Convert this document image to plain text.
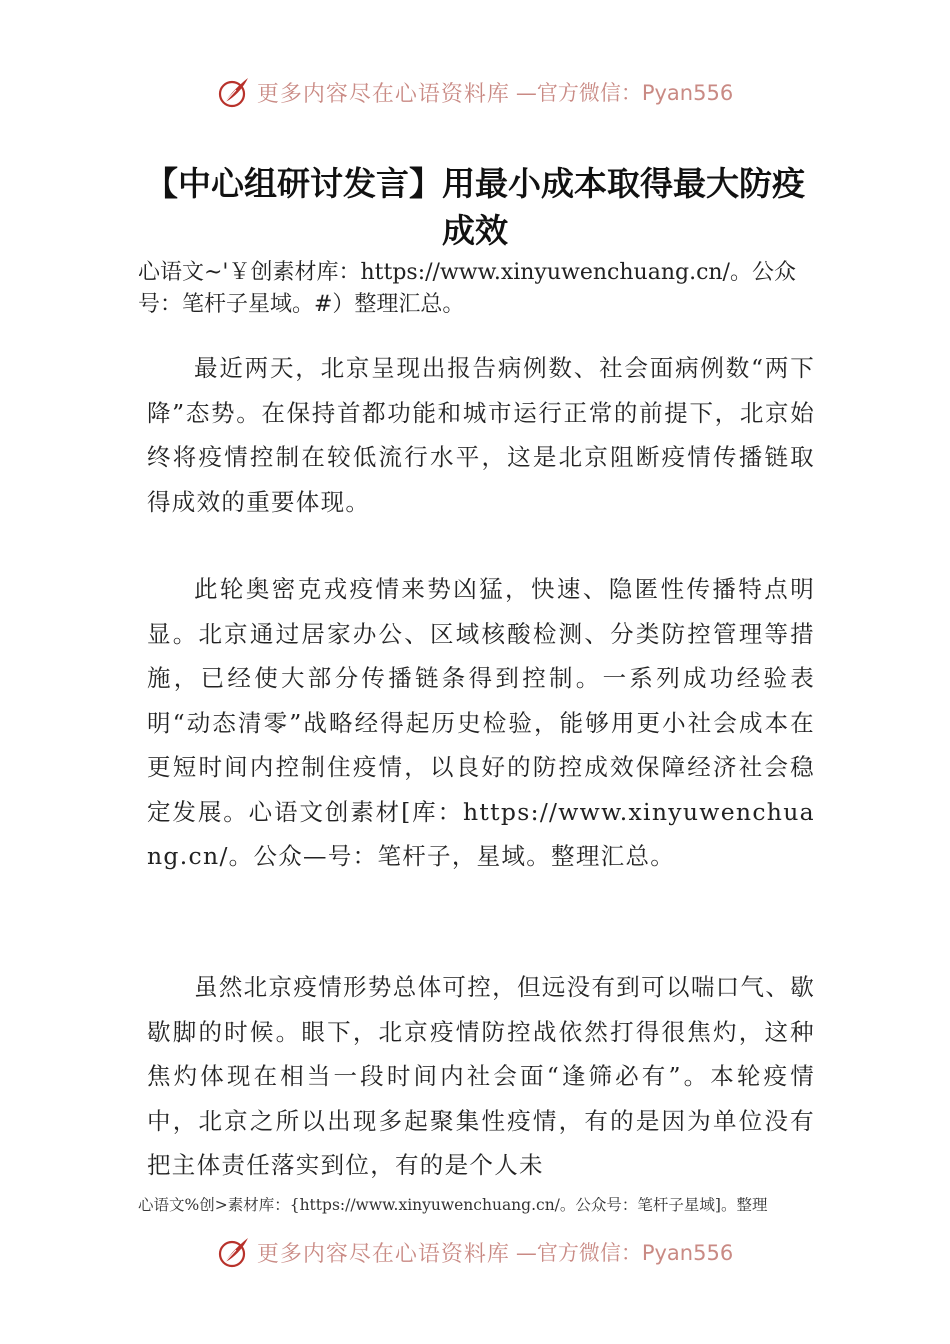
更多内容尽在心语资料库 —官方微信：Pyan556
【中心组研讨发言】用最小成本取得最大防疫成效

心语文~'￥创素材库：https://www.xinyuwenchuang.cn/。公众号：笔杆子星域。#）整理汇总。

最近两天，北京呈现出报告病例数、社会面病例数“两下降”态势。在保持首都功能和城市运行正常的前提下，北京始终将疫情控制在较低流行水平，这是北京阻断疫情传播链取得成效的重要体现。

此轮奥密克戎疫情来势凶猛，快速、隐匿性传播特点明显。北京通过居家办公、区域核酸检测、分类防控管理等措施，已经使大部分传播链条得到控制。一系列成功经验表明“动态清零”战略经得起历史检验，能够用更小社会成本在更短时间内控制住疫情，以良好的防控成效保障经济社会稳定发展。心语文创素材[库：https://www.xinyuwenchuang.cn/。公众—号：笔杆子，星域。整理汇总。

虽然北京疫情形势总体可控，但远没有到可以喘口气、歇歇脚的时候。眼下，北京疫情防控战依然打得很焦灼，这种焦灼体现在相当一段时间内社会面“逢筛必有”。本轮疫情中，北京之所以出现多起聚集性疫情，有的是因为单位没有把主体责任落实到位，有的是个人未

心语文%创>素材库：{https://www.xinyuwenchuang.cn/。公众号：笔杆子星域]。整理

更多内容尽在心语资料库 —官方微信：Pyan556
